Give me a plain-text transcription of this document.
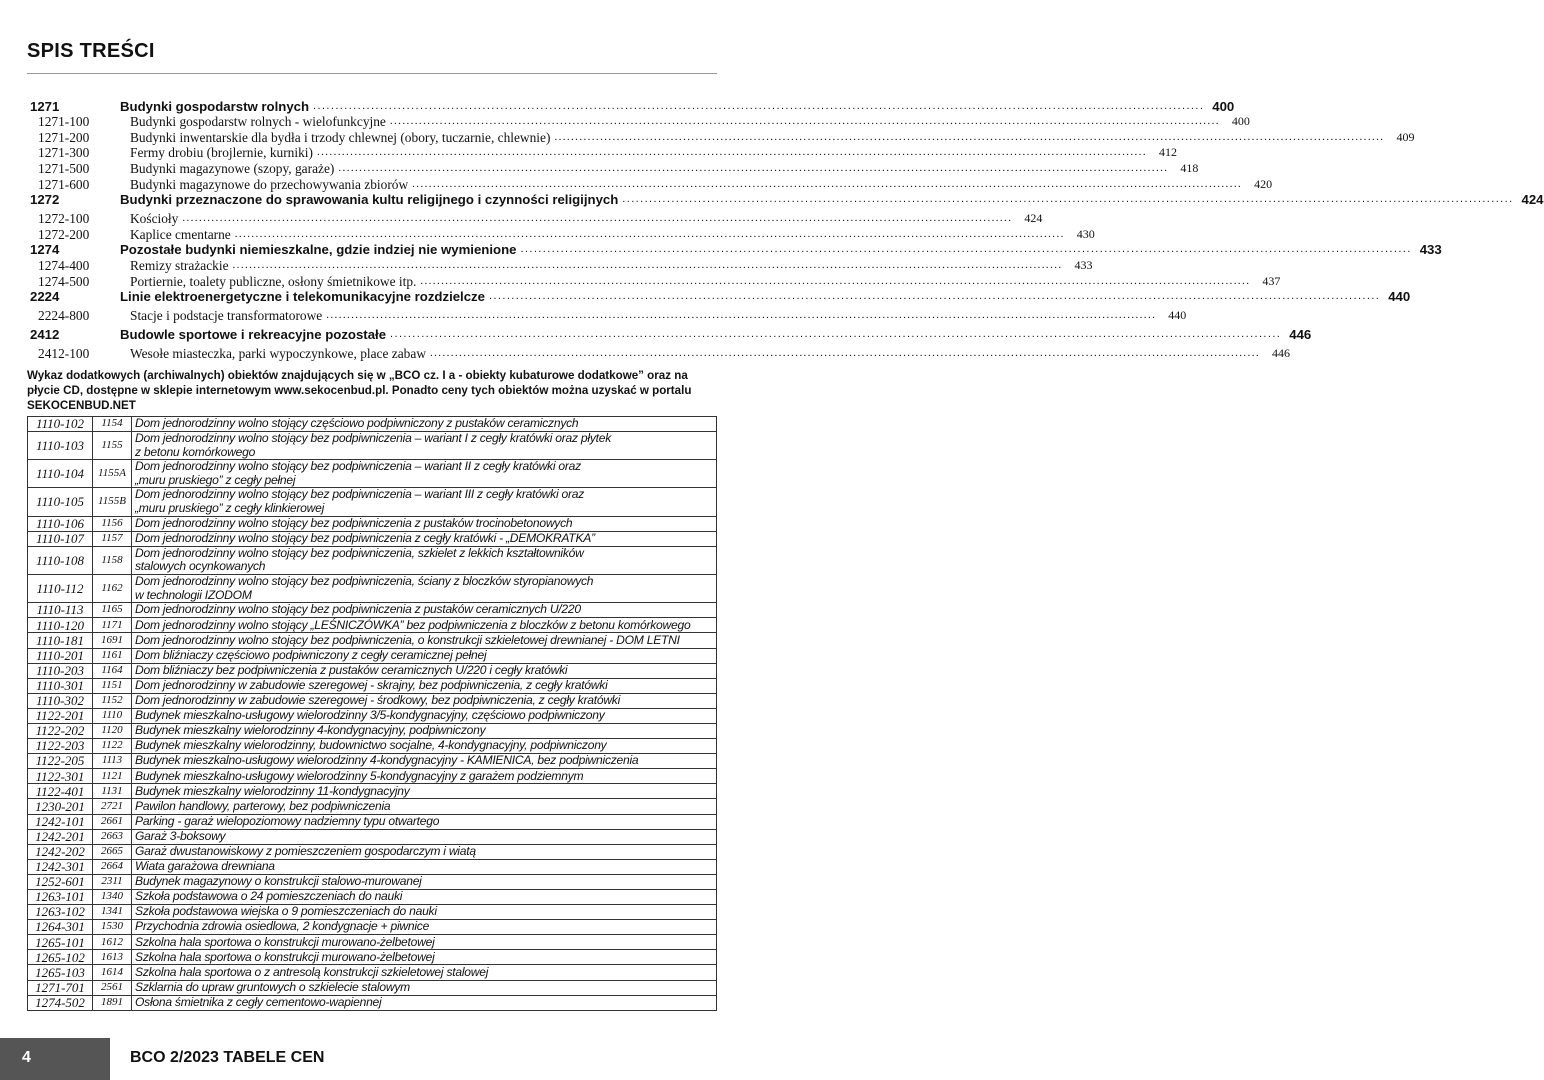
SPIS TREŚCI
1271	Budynki gospodarstw rolnych ........................................................................................................................................................................................................ 400
1271-100	Budynki gospodarstw rolnych - wielofunkcyjne ........................................................................................................................................................................................................	400
1271-200	Budynki inwentarskie dla bydła i trzody chlewnej (obory, tuczarnie, chlewnie) ........................................................................................................................................................................................................	409
1271-300	Fermy drobiu (brojlernie, kurniki) ........................................................................................................................................................................................................	412
1271-500	Budynki magazynowe (szopy, garaże) ........................................................................................................................................................................................................	418
1271-600	Budynki magazynowe do przechowywania zbiorów ........................................................................................................................................................................................................	420
1272	Budynki przeznaczone do sprawowania kultu religijnego i czynności religijnych ........................................................................................................................................................................................................ 424
1272-100	Kościoły ........................................................................................................................................................................................................	424
1272-200	Kaplice cmentarne ........................................................................................................................................................................................................	430
1274	Pozostałe budynki niemieszkalne, gdzie indziej nie wymienione ........................................................................................................................................................................................................ 433
1274-400	Remizy strażackie ........................................................................................................................................................................................................	433
1274-500	Portiernie, toalety publiczne, osłony śmietnikowe itp. ........................................................................................................................................................................................................	437
2224	Linie elektroenergetyczne i telekomunikacyjne rozdzielcze ........................................................................................................................................................................................................ 440
2224-800	Stacje i podstacje transformatorowe ........................................................................................................................................................................................................	440
2412	Budowle sportowe i rekreacyjne pozostałe ........................................................................................................................................................................................................ 446
2412-100	Wesołe miasteczka, parki wypoczynkowe, place zabaw ........................................................................................................................................................................................................	446
Wykaz dodatkowych (archiwalnych) obiektów znajdujących się w „BCO cz. I a - obiekty kubaturowe dodatkowe” oraz na płycie CD, dostępne w sklepie internetowym www.sekocenbud.pl. Ponadto ceny tych obiektów można uzyskać w portalu SEKOCENBUD.NET
1110-102	1154	Dom jednorodzinny wolno stojący częściowo podpiwniczony z pustaków ceramicznych

1110-103	1155	Dom jednorodzinny wolno stojący bez podpiwniczenia – wariant I z cegły kratówki oraz płytek
z betonu komórkowego

1110-104	1155A	Dom jednorodzinny wolno stojący bez podpiwniczenia – wariant II z cegły kratówki oraz
„muru pruskiego” z cegły pełnej

1110-105	1155B	Dom jednorodzinny wolno stojący bez podpiwniczenia – wariant III z cegły kratówki oraz
„muru pruskiego” z cegły klinkierowej

1110-106	1156	Dom jednorodzinny wolno stojący bez podpiwniczenia z pustaków trocinobetonowych

1110-107	1157	Dom jednorodzinny wolno stojący bez podpiwniczenia z cegły kratówki - „DEMOKRATKA”

1110-108	1158	Dom jednorodzinny wolno stojący bez podpiwniczenia, szkielet z lekkich kształtowników
stalowych ocynkowanych

1110-112	1162	Dom jednorodzinny wolno stojący bez podpiwniczenia, ściany z bloczków styropianowych
w technologii IZODOM

1110-113	1165	Dom jednorodzinny wolno stojący bez podpiwniczenia z pustaków ceramicznych U/220

1110-120	1171	Dom jednorodzinny wolno stojący „LEŚNICZÓWKA” bez podpiwniczenia z bloczków z betonu komórkowego

1110-181	1691	Dom jednorodzinny wolno stojący bez podpiwniczenia, o konstrukcji szkieletowej drewnianej - DOM LETNI

1110-201	1161	Dom bliźniaczy częściowo podpiwniczony z cegły ceramicznej pełnej

1110-203	1164	Dom bliźniaczy bez podpiwniczenia z pustaków ceramicznych U/220 i cegły kratówki

1110-301	1151	Dom jednorodzinny w zabudowie szeregowej - skrajny, bez podpiwniczenia, z cegły kratówki

1110-302	1152	Dom jednorodzinny w zabudowie szeregowej - środkowy, bez podpiwniczenia, z cegły kratówki

1122-201	1110	Budynek mieszkalno-usługowy wielorodzinny 3/5-kondygnacyjny, częściowo podpiwniczony

1122-202	1120	Budynek mieszkalny wielorodzinny 4-kondygnacyjny, podpiwniczony

1122-203	1122	Budynek mieszkalny wielorodzinny, budownictwo socjalne, 4-kondygnacyjny, podpiwniczony

1122-205	1113	Budynek mieszkalno-usługowy wielorodzinny 4-kondygnacyjny - KAMIENICA, bez podpiwniczenia

1122-301	1121	Budynek mieszkalno-usługowy wielorodzinny 5-kondygnacyjny z garażem podziemnym

1122-401	1131	Budynek mieszkalny wielorodzinny 11-kondygnacyjny

1230-201	2721	Pawilon handlowy, parterowy, bez podpiwniczenia

1242-101	2661	Parking - garaż wielopoziomowy nadziemny typu otwartego

1242-201	2663	Garaż 3-boksowy

1242-202	2665	Garaż dwustanowiskowy z pomieszczeniem gospodarczym i wiatą

1242-301	2664	Wiata garażowa drewniana

1252-601	2311	Budynek magazynowy o konstrukcji stalowo-murowanej

1263-101	1340	Szkoła podstawowa o 24 pomieszczeniach do nauki

1263-102	1341	Szkoła podstawowa wiejska o 9 pomieszczeniach do nauki

1264-301	1530	Przychodnia zdrowia osiedlowa, 2 kondygnacje + piwnice

1265-101	1612	Szkolna hala sportowa o konstrukcji murowano-żelbetowej

1265-102	1613	Szkolna hala sportowa o konstrukcji murowano-żelbetowej

1265-103	1614	Szkolna hala sportowa o z antresolą konstrukcji szkieletowej stalowej

1271-701	2561	Szklarnia do upraw gruntowych o szkielecie stalowym

1274-502	1891	Osłona śmietnika z cegły cementowo-wapiennej
4	BCO 2/2023 TABELE CEN
